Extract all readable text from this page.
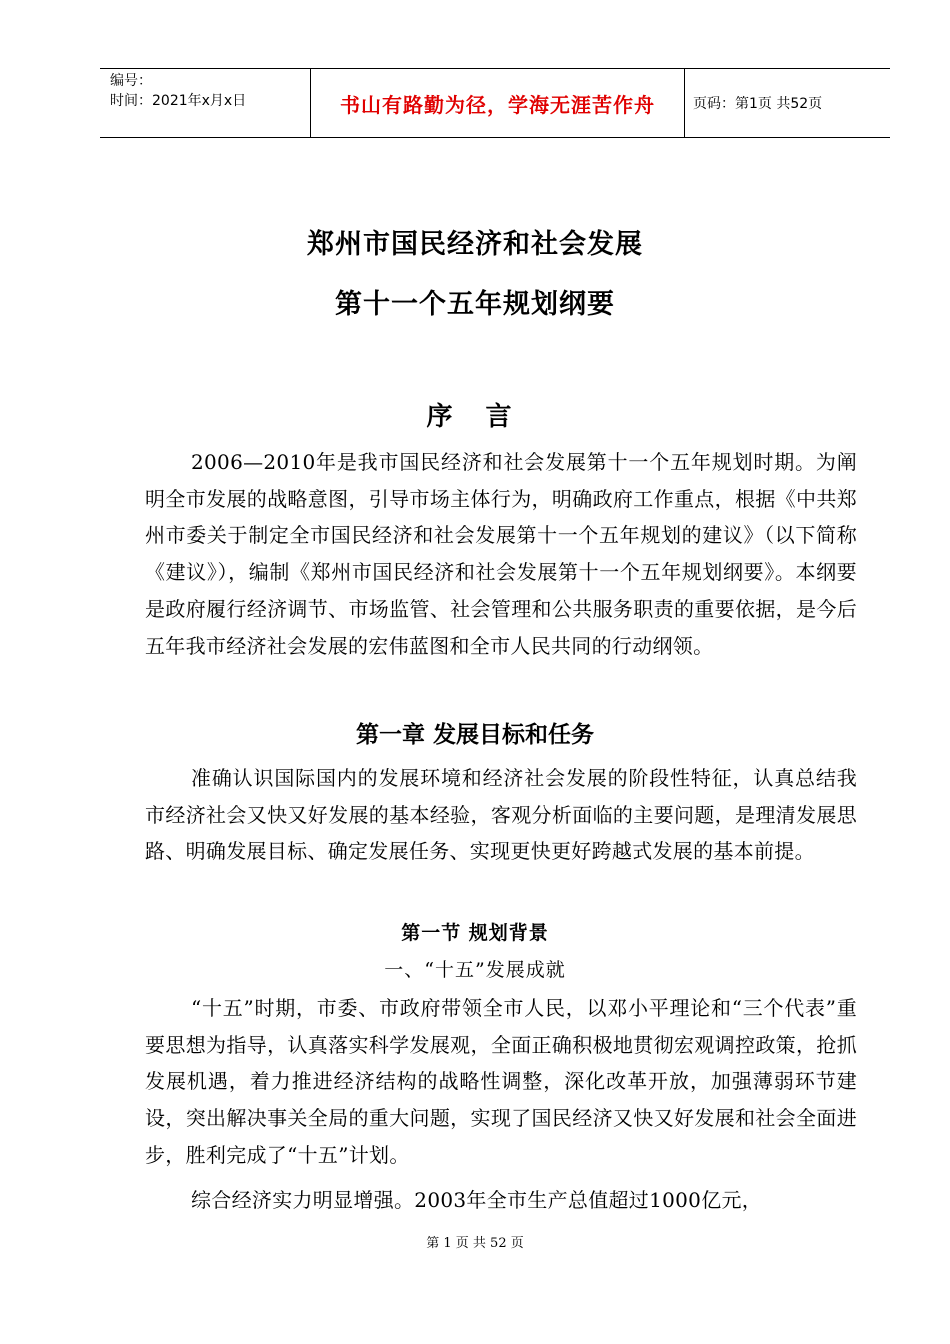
编号：
时间：2021年x月x日	书山有路勤为径，学海无涯苦作舟	页码：第1页 共52页
郑州市国民经济和社会发展
第十一个五年规划纲要
序 言

2006—2010年是我市国民经济和社会发展第十一个五年规划时期。为阐明全市发展的战略意图，引导市场主体行为，明确政府工作重点，根据《中共郑州市委关于制定全市国民经济和社会发展第十一个五年规划的建议》（以下简称《建议》），编制《郑州市国民经济和社会发展第十一个五年规划纲要》。本纲要是政府履行经济调节、市场监管、社会管理和公共服务职责的重要依据，是今后五年我市经济社会发展的宏伟蓝图和全市人民共同的行动纲领。

第一章 发展目标和任务

准确认识国际国内的发展环境和经济社会发展的阶段性特征，认真总结我市经济社会又快又好发展的基本经验，客观分析面临的主要问题，是理清发展思路、明确发展目标、确定发展任务、实现更快更好跨越式发展的基本前提。

第一节 规划背景
一、“十五”发展成就

“十五”时期，市委、市政府带领全市人民，以邓小平理论和“三个代表”重要思想为指导，认真落实科学发展观，全面正确积极地贯彻宏观调控政策，抢抓发展机遇，着力推进经济结构的战略性调整，深化改革开放，加强薄弱环节建设，突出解决事关全局的重大问题，实现了国民经济又快又好发展和社会全面进步，胜利完成了“十五”计划。

综合经济实力明显增强。2003年全市生产总值超过1000亿元，

第 1 页 共 52 页
